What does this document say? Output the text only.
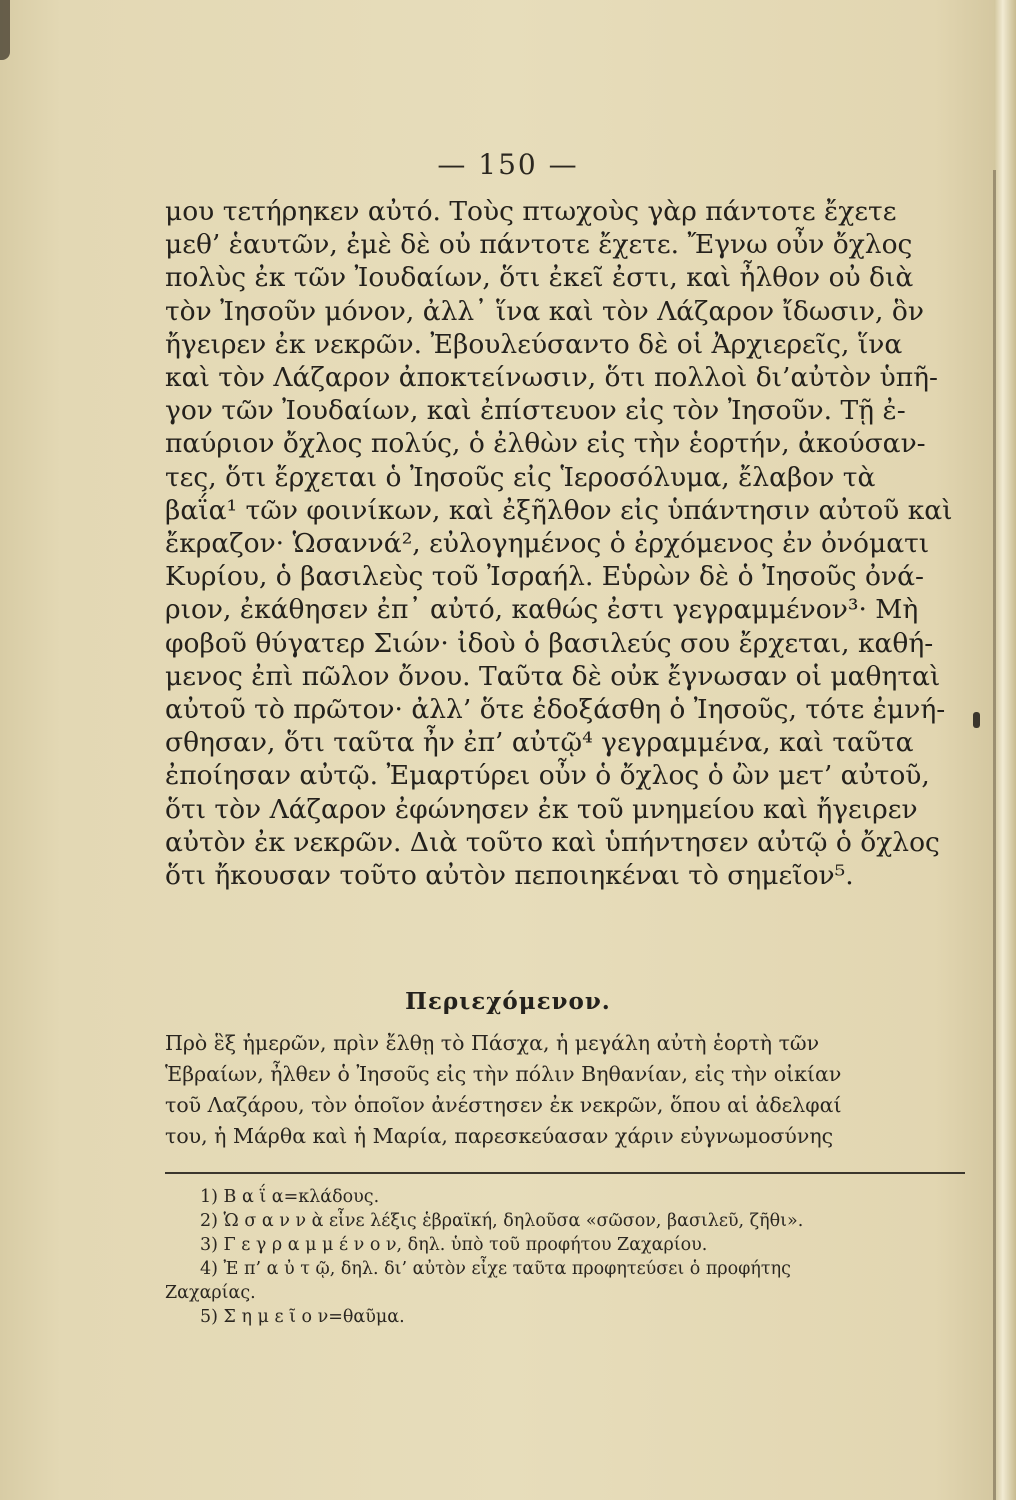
— 150 —
μου τετήρηκεν αὐτό. Τοὺς πτωχοὺς γὰρ πάντοτε ἔχετε
μεθ’ ἑαυτῶν, ἐμὲ δὲ οὐ πάντοτε ἔχετε. Ἔγνω οὖν ὄχλος
πολὺς ἐκ τῶν Ἰουδαίων, ὅτι ἐκεῖ ἐστι, καὶ ἦλθον οὐ διὰ
τὸν Ἰησοῦν μόνον, ἀλλ᾽ ἵνα καὶ τὸν Λάζαρον ἴδωσιν, ὃν
ἤγειρεν ἐκ νεκρῶν. Ἐβουλεύσαντο δὲ οἱ Ἀρχιερεῖς, ἵνα
καὶ τὸν Λάζαρον ἀποκτείνωσιν, ὅτι πολλοὶ δι’αὐτὸν ὑπῆ-
γον τῶν Ἰουδαίων, καὶ ἐπίστευον εἰς τὸν Ἰησοῦν. Τῇ ἐ-
παύριον ὄχλος πολύς, ὁ ἐλθὼν εἰς τὴν ἑορτήν, ἀκούσαν-
τες, ὅτι ἔρχεται ὁ Ἰησοῦς εἰς Ἱεροσόλυμα, ἔλαβον τὰ
βαΐα¹ τῶν φοινίκων, καὶ ἐξῆλθον εἰς ὑπάντησιν αὐτοῦ καὶ
ἔκραζον· Ὡσαννά², εὐλογημένος ὁ ἐρχόμενος ἐν ὀνόματι
Κυρίου, ὁ βασιλεὺς τοῦ Ἰσραήλ. Εὑρὼν δὲ ὁ Ἰησοῦς ὀνά-
ριον, ἐκάθησεν ἐπ᾽ αὐτό, καθώς ἐστι γεγραμμένον³· Μὴ
φοβοῦ θύγατερ Σιών· ἰδοὺ ὁ βασιλεύς σου ἔρχεται, καθή-
μενος ἐπὶ πῶλον ὄνου. Ταῦτα δὲ οὐκ ἔγνωσαν οἱ μαθηταὶ
αὐτοῦ τὸ πρῶτον· ἀλλ’ ὅτε ἐδοξάσθη ὁ Ἰησοῦς, τότε ἐμνή-
σθησαν, ὅτι ταῦτα ἦν ἐπ’ αὐτῷ⁴ γεγραμμένα, καὶ ταῦτα
ἐποίησαν αὐτῷ. Ἐμαρτύρει οὖν ὁ ὄχλος ὁ ὢν μετ’ αὐτοῦ,
ὅτι τὸν Λάζαρον ἐφώνησεν ἐκ τοῦ μνημείου καὶ ἤγειρεν
αὐτὸν ἐκ νεκρῶν. Διὰ τοῦτο καὶ ὑπήντησεν αὐτῷ ὁ ὄχλος
ὅτι ἤκουσαν τοῦτο αὐτὸν πεποιηκέναι τὸ σημεῖον⁵.
Περιεχόμενον.
Πρὸ ἓξ ἡμερῶν, πρὶν ἔλθῃ τὸ Πάσχα, ἡ μεγάλη αὐτὴ ἑορτὴ τῶν
Ἑβραίων, ἦλθεν ὁ Ἰησοῦς εἰς τὴν πόλιν Βηθανίαν, εἰς τὴν οἰκίαν
τοῦ Λαζάρου, τὸν ὁποῖον ἀνέστησεν ἐκ νεκρῶν, ὅπου αἱ ἀδελφαί
του, ἡ Μάρθα καὶ ἡ Μαρία, παρεσκεύασαν χάριν εὐγνωμοσύνης
1) Β α ΐ α=κλάδους.
2) Ὡ σ α ν ν ὰ εἶνε λέξις ἑβραϊκή, δηλοῦσα «σῶσον, βασιλεῦ, ζῆθι».
3) Γ ε γ ρ α μ μ έ ν ο ν, δηλ. ὑπὸ τοῦ προφήτου Ζαχαρίου.
4) Ἐ π’ α ὐ τ ῷ, δηλ. δι’ αὐτὸν εἶχε ταῦτα προφητεύσει ὁ προφήτης
Ζαχαρίας.
5) Σ η μ ε ῖ ο ν=θαῦμα.
